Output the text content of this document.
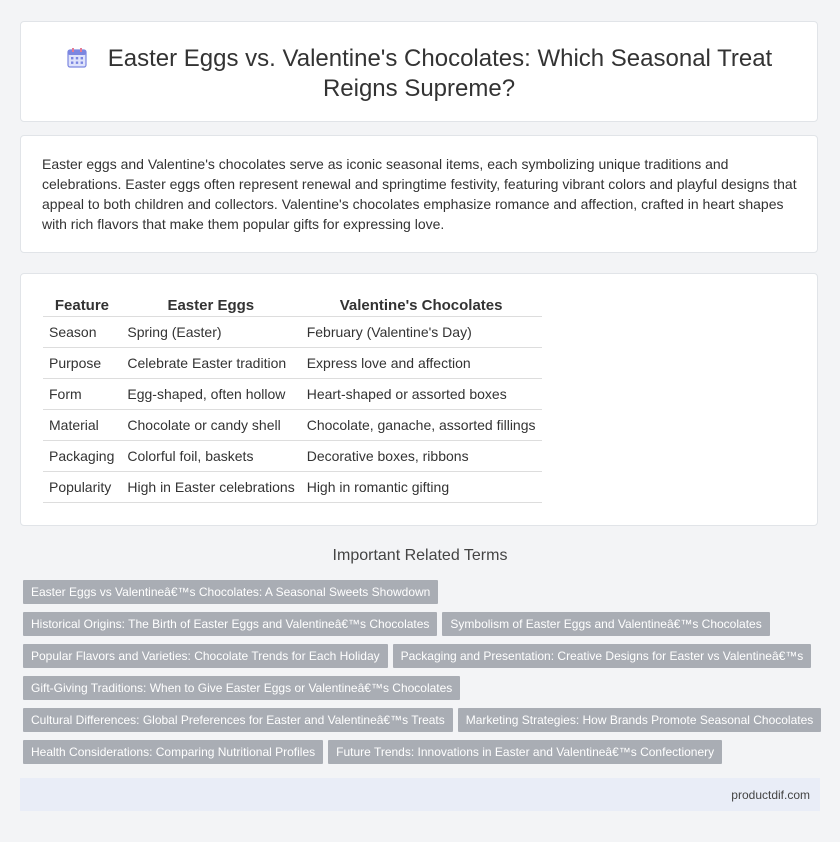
Easter Eggs vs. Valentine's Chocolates: Which Seasonal Treat
Reigns Supreme?

Easter eggs and Valentine's chocolates serve as iconic seasonal items, each symbolizing unique traditions and celebrations. Easter eggs often represent renewal and springtime festivity, featuring vibrant colors and playful designs that appeal to both children and collectors. Valentine's chocolates emphasize romance and affection, crafted in heart shapes with rich flavors that make them popular gifts for expressing love.

Feature	Easter Eggs	Valentine's Chocolates
Season	Spring (Easter)	February (Valentine's Day)
Purpose	Celebrate Easter tradition	Express love and affection
Form	Egg-shaped, often hollow	Heart-shaped or assorted boxes
Material	Chocolate or candy shell	Chocolate, ganache, assorted fillings
Packaging	Colorful foil, baskets	Decorative boxes, ribbons
Popularity	High in Easter celebrations	High in romantic gifting
Important Related Terms
Easter Eggs vs Valentineâ€™s Chocolates: A Seasonal Sweets Showdown
Historical Origins: The Birth of Easter Eggs and Valentineâ€™s Chocolates Symbolism of Easter Eggs and Valentineâ€™s Chocolates
Popular Flavors and Varieties: Chocolate Trends for Each Holiday Packaging and Presentation: Creative Designs for Easter vs Valentineâ€™s
Gift-Giving Traditions: When to Give Easter Eggs or Valentineâ€™s Chocolates
Cultural Differences: Global Preferences for Easter and Valentineâ€™s Treats Marketing Strategies: How Brands Promote Seasonal Chocolates
Health Considerations: Comparing Nutritional Profiles Future Trends: Innovations in Easter and Valentineâ€™s Confectionery
productdif.com
